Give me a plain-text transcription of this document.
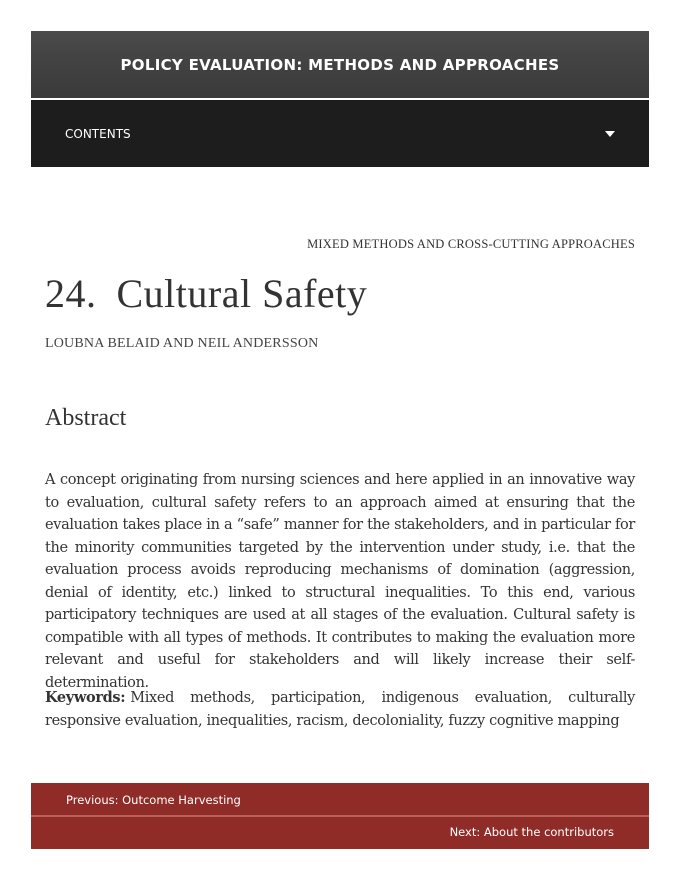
POLICY EVALUATION: METHODS AND APPROACHES
CONTENTS
MIXED METHODS AND CROSS-CUTTING APPROACHES
24. Cultural Safety
LOUBNA BELAID AND NEIL ANDERSSON
Abstract

A concept originating from nursing sciences and here applied in an innovative way to evaluation, cultural safety refers to an approach aimed at ensuring that the evaluation takes place in a “safe” manner for the stakeholders, and in particular for the minority communities targeted by the intervention under study, i.e. that the evaluation process avoids reproducing mechanisms of domination (aggression, denial of identity, etc.) linked to structural inequalities. To this end, various participatory techniques are used at all stages of the evaluation. Cultural safety is compatible with all types of methods. It contributes to making the evaluation more relevant and useful for stakeholders and will likely increase their self-determination.

Keywords: Mixed methods, participation, indigenous evaluation, culturally responsive evaluation, inequalities, racism, decoloniality, fuzzy cognitive mapping

Previous: Outcome Harvesting
Next: About the contributors
